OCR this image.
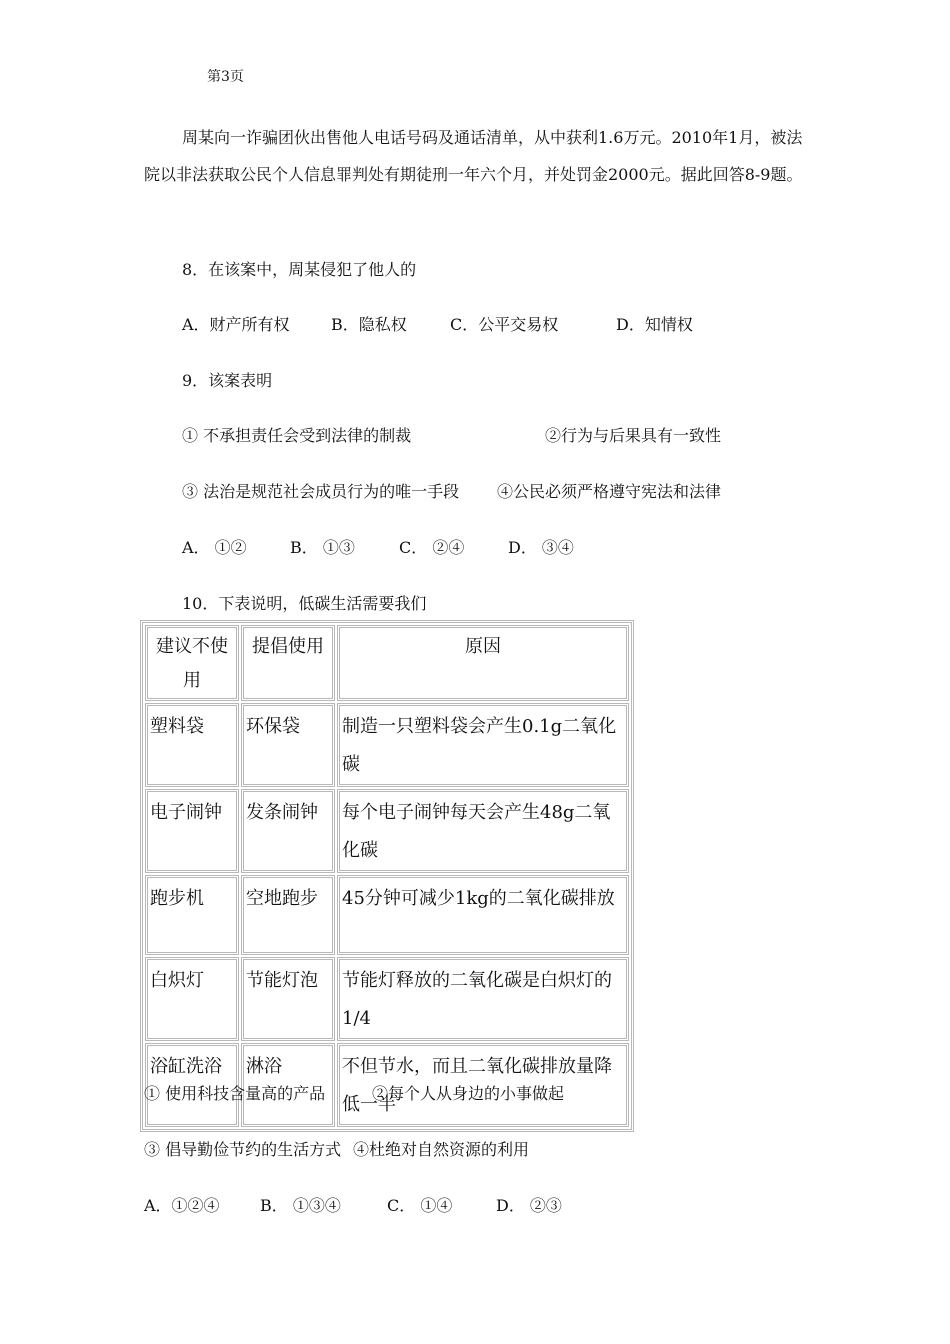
第3页

周某向一诈骗团伙出售他人电话号码及通话清单，从中获利1.6万元。2010年1月，被法院以非法获取公民个人信息罪判处有期徒刑一年六个月，并处罚金2000元。据此回答8-9题。

8．在该案中，周某侵犯了他人的
A．财产所有权	B．隐私权	C．公平交易权	D．知情权
9．该案表明
① 不承担责任会受到法律的制裁	②行为与后果具有一致性
③ 法治是规范社会成员行为的唯一手段 ④公民必须严格遵守宪法和法律
A． ①②	B． ①③	C． ②④	D． ③④
10．下表说明，低碳生活需要我们
建议不使用	提倡使用	原因
塑料袋	环保袋	制造一只塑料袋会产生0.1g二氧化碳
电子闹钟	发条闹钟	每个电子闹钟每天会产生48g二氧化碳
跑步机	空地跑步	45分钟可减少1kg的二氧化碳排放
白炽灯	节能灯泡	节能灯释放的二氧化碳是白炽灯的1/4
浴缸洗浴	淋浴	不但节水，而且二氧化碳排放量降低一半
① 使用科技含量高的产品	②每个人从身边的小事做起
③ 倡导勤俭节约的生活方式 ④杜绝对自然资源的利用
A．①②④	B． ①③④	C． ①④	D． ②③
